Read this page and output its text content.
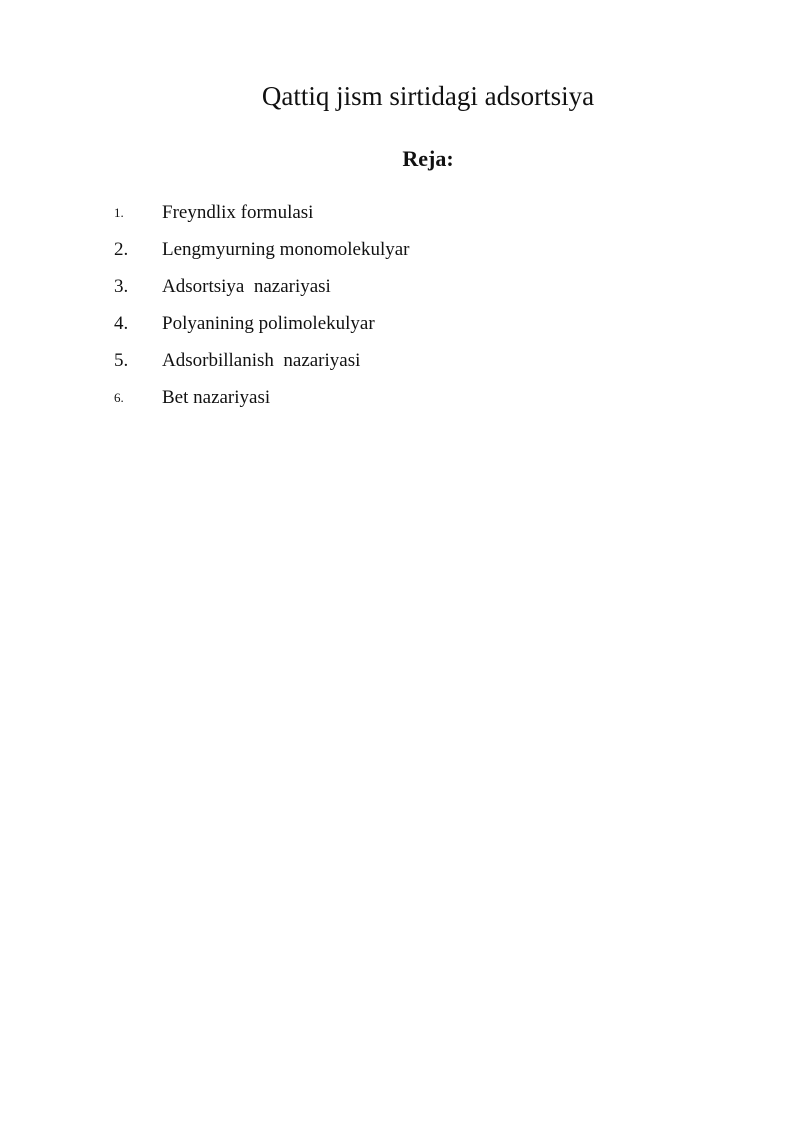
Qattiq jism sirtidagi adsortsiya
Reja:
1. Freyndlix formulasi
2. Lengmyurning monomolekulyar
3. Adsortsiya  nazariyasi
4. Polyanining polimolekulyar
5. Adsorbillanish  nazariyasi
6. Bet nazariyasi
